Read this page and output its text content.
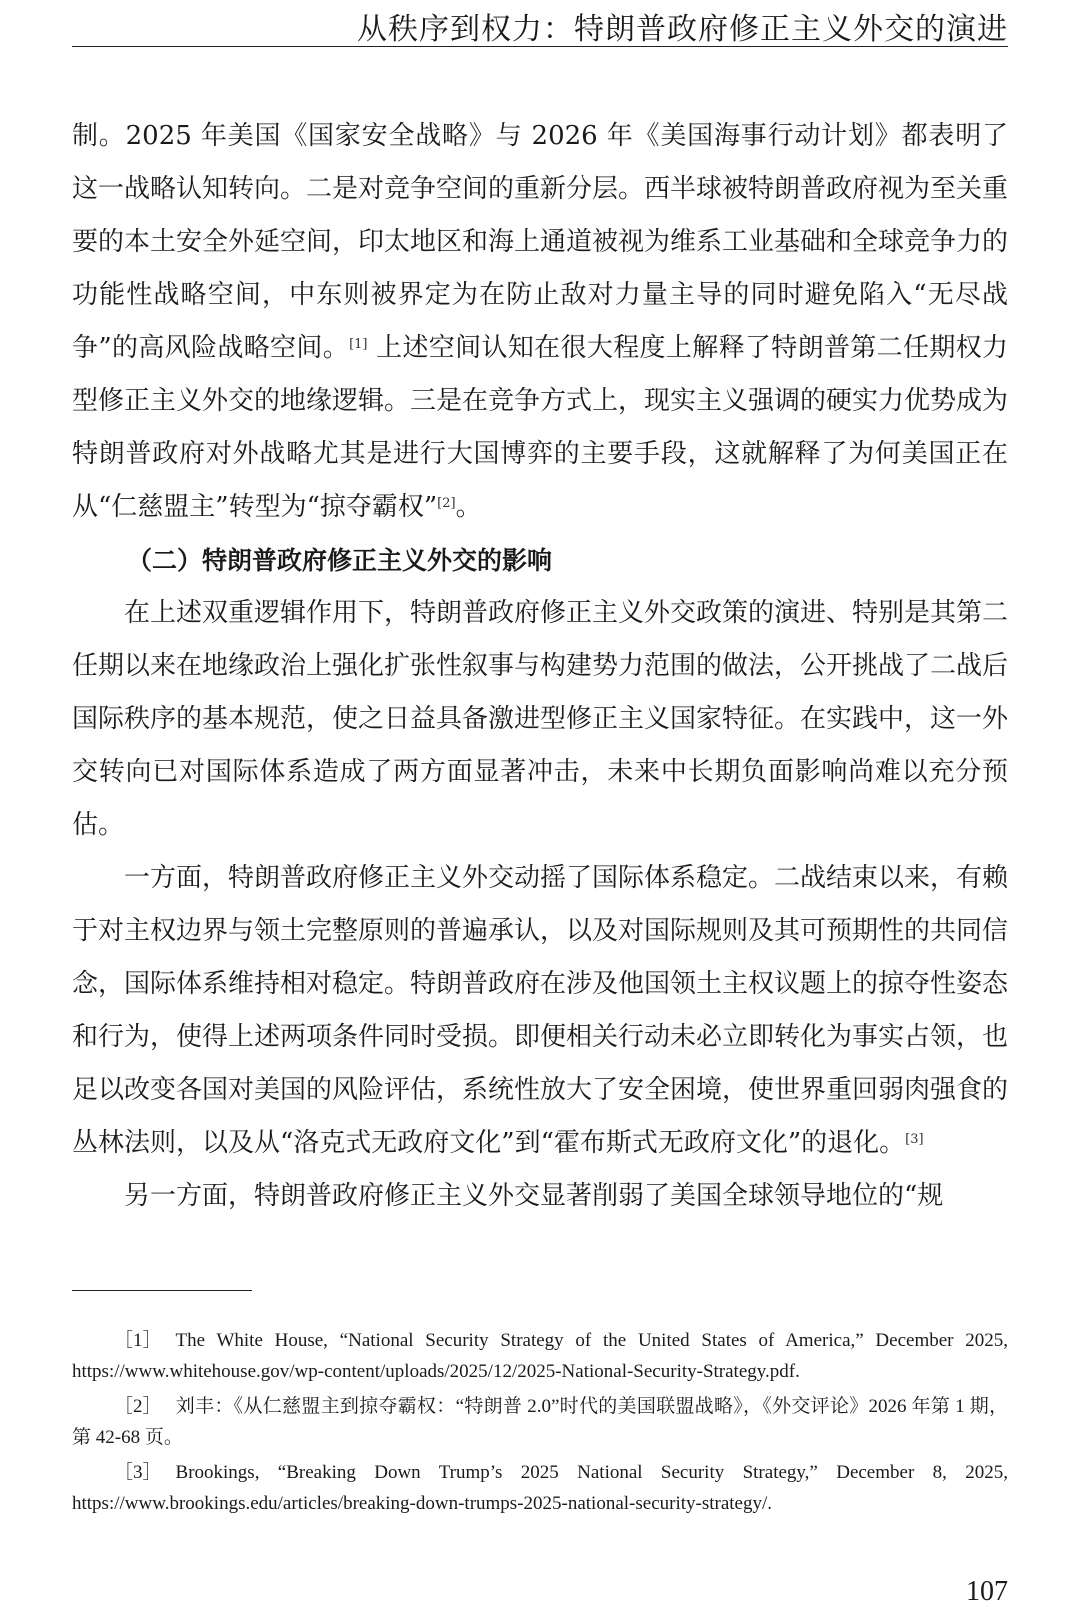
从秩序到权力：特朗普政府修正主义外交的演进

制。2025 年美国《国家安全战略》与 2026 年《美国海事行动计划》都表明了这一战略认知转向。二是对竞争空间的重新分层。西半球被特朗普政府视为至关重要的本土安全外延空间，印太地区和海上通道被视为维系工业基础和全球竞争力的功能性战略空间，中东则被界定为在防止敌对力量主导的同时避免陷入“无尽战争”的高风险战略空间。[1] 上述空间认知在很大程度上解释了特朗普第二任期权力型修正主义外交的地缘逻辑。三是在竞争方式上，现实主义强调的硬实力优势成为特朗普政府对外战略尤其是进行大国博弈的主要手段，这就解释了为何美国正在从“仁慈盟主”转型为“掠夺霸权”[2]。

（二）特朗普政府修正主义外交的影响

在上述双重逻辑作用下，特朗普政府修正主义外交政策的演进、特别是其第二任期以来在地缘政治上强化扩张性叙事与构建势力范围的做法，公开挑战了二战后国际秩序的基本规范，使之日益具备激进型修正主义国家特征。在实践中，这一外交转向已对国际体系造成了两方面显著冲击，未来中长期负面影响尚难以充分预估。

一方面，特朗普政府修正主义外交动摇了国际体系稳定。二战结束以来，有赖于对主权边界与领土完整原则的普遍承认，以及对国际规则及其可预期性的共同信念，国际体系维持相对稳定。特朗普政府在涉及他国领土主权议题上的掠夺性姿态和行为，使得上述两项条件同时受损。即便相关行动未必立即转化为事实占领，也足以改变各国对美国的风险评估，系统性放大了安全困境，使世界重回弱肉强食的丛林法则，以及从“洛克式无政府文化”到“霍布斯式无政府文化”的退化。[3]

另一方面，特朗普政府修正主义外交显著削弱了美国全球领导地位的“规

［1］ The White House, “National Security Strategy of the United States of America,” December 2025, https://www.whitehouse.gov/wp-content/uploads/2025/12/2025-National-Security-Strategy.pdf.

［2］ 刘丰：《从仁慈盟主到掠夺霸权：“特朗普 2.0”时代的美国联盟战略》，《外交评论》2026 年第 1 期，第 42-68 页。

［3］ Brookings, “Breaking Down Trump’s 2025 National Security Strategy,” December 8, 2025, https://www.brookings.edu/articles/breaking-down-trumps-2025-national-security-strategy/.

107
